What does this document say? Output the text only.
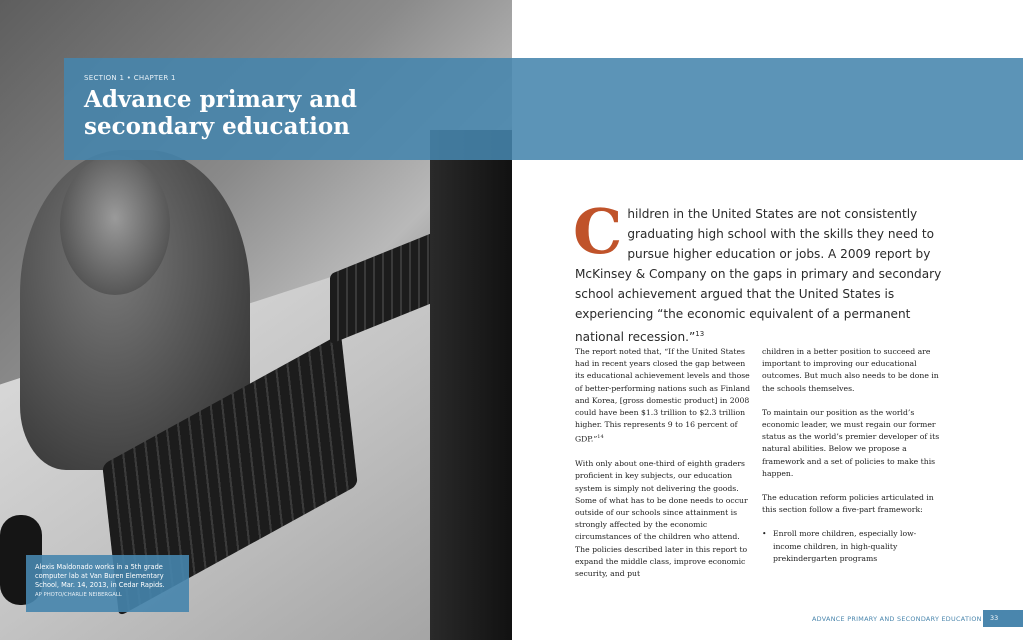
SECTION 1 • CHAPTER 1
Advance primary and secondary education
Alexis Maldonado works in a 5th grade computer lab at Van Buren Elementary School, Mar. 14, 2013, in Cedar Rapids.
AP PHOTO/CHARLIE NEIBERGALL
Children in the United States are not consistently graduating high school with the skills they need to pursue higher education or jobs. A 2009 report by McKinsey & Company on the gaps in primary and secondary school achievement argued that the United States is experiencing “the economic equivalent of a permanent national recession.”$^{13}$

The report noted that, “If the United States had in recent years closed the gap between its educational achievement levels and those of better-performing nations such as Finland and Korea, [gross domestic product] in 2008 could have been $1.3 trillion to $2.3 trillion higher. This represents 9 to 16 percent of GDP.”$^{14}$

With only about one-third of eighth graders proficient in key subjects, our education system is simply not delivering the goods. Some of what has to be done needs to occur outside of our schools since attainment is strongly affected by the economic circumstances of the children who attend. The policies described later in this report to expand the middle class, improve economic security, and put

children in a better position to succeed are important to improving our educational outcomes. But much also needs to be done in the schools themselves.

To maintain our position as the world’s economic leader, we must regain our former status as the world’s premier developer of its natural abilities. Below we propose a framework and a set of policies to make this happen.

The education reform policies articulated in this section follow a five-part framework:

• Enroll more children, especially low-income children, in high-quality prekindergarten programs
ADVANCE PRIMARY AND SECONDARY EDUCATION	33
